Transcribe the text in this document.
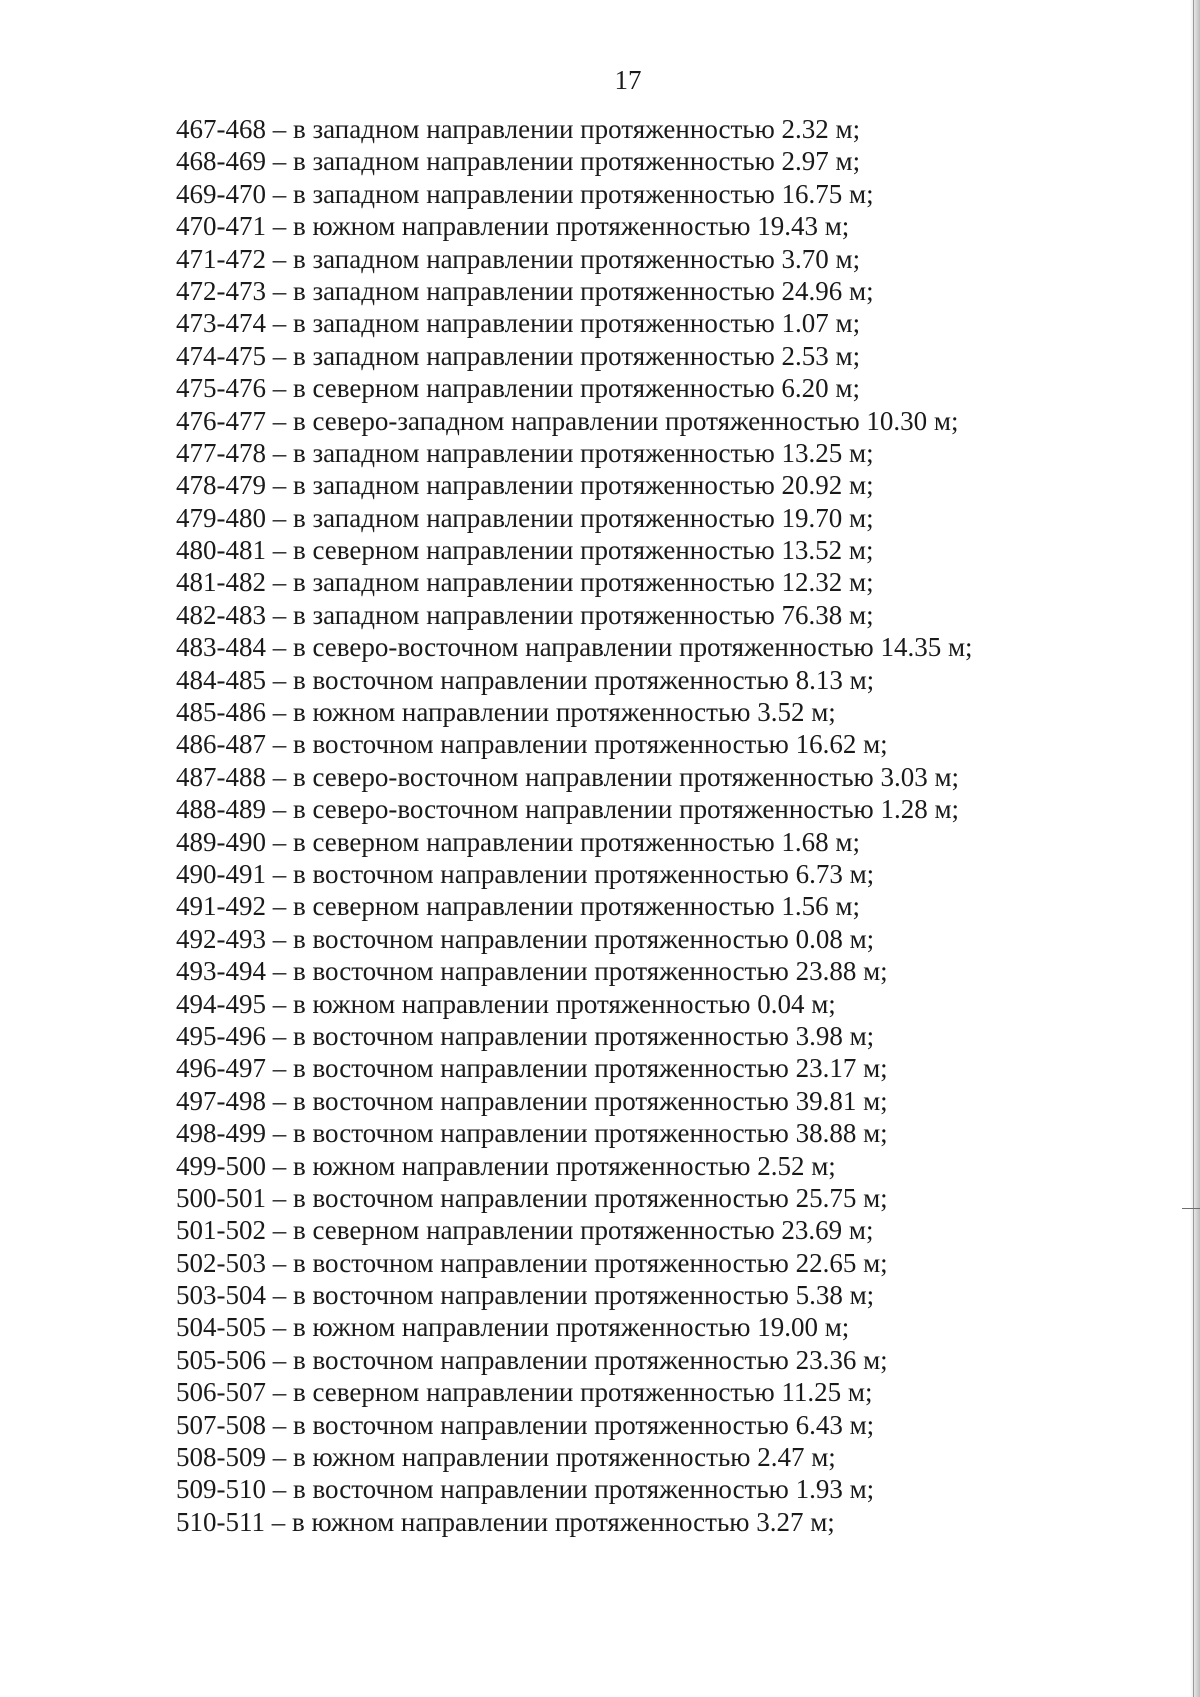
17
467-468 – в западном направлении протяженностью 2.32 м;
468-469 – в западном направлении протяженностью 2.97 м;
469-470 – в западном направлении протяженностью 16.75 м;
470-471 – в южном направлении протяженностью 19.43 м;
471-472 – в западном направлении протяженностью 3.70 м;
472-473 – в западном направлении протяженностью 24.96 м;
473-474 – в западном направлении протяженностью 1.07 м;
474-475 – в западном направлении протяженностью 2.53 м;
475-476 – в северном направлении протяженностью 6.20 м;
476-477 – в северо-западном направлении протяженностью 10.30 м;
477-478 – в западном направлении протяженностью 13.25 м;
478-479 – в западном направлении протяженностью 20.92 м;
479-480 – в западном направлении протяженностью 19.70 м;
480-481 – в северном направлении протяженностью 13.52 м;
481-482 – в западном направлении протяженностью 12.32 м;
482-483 – в западном направлении протяженностью 76.38 м;
483-484 – в северо-восточном направлении протяженностью 14.35 м;
484-485 – в восточном направлении протяженностью 8.13 м;
485-486 – в южном направлении протяженностью 3.52 м;
486-487 – в восточном направлении протяженностью 16.62 м;
487-488 – в северо-восточном направлении протяженностью 3.03 м;
488-489 – в северо-восточном направлении протяженностью 1.28 м;
489-490 – в северном направлении протяженностью 1.68 м;
490-491 – в восточном направлении протяженностью 6.73 м;
491-492 – в северном направлении протяженностью 1.56 м;
492-493 – в восточном направлении протяженностью 0.08 м;
493-494 – в восточном направлении протяженностью 23.88 м;
494-495 – в южном направлении протяженностью 0.04 м;
495-496 – в восточном направлении протяженностью 3.98 м;
496-497 – в восточном направлении протяженностью 23.17 м;
497-498 – в восточном направлении протяженностью 39.81 м;
498-499 – в восточном направлении протяженностью 38.88 м;
499-500 – в южном направлении протяженностью 2.52 м;
500-501 – в восточном направлении протяженностью 25.75 м;
501-502 – в северном направлении протяженностью 23.69 м;
502-503 – в восточном направлении протяженностью 22.65 м;
503-504 – в восточном направлении протяженностью 5.38 м;
504-505 – в южном направлении протяженностью 19.00 м;
505-506 – в восточном направлении протяженностью 23.36 м;
506-507 – в северном направлении протяженностью 11.25 м;
507-508 – в восточном направлении протяженностью 6.43 м;
508-509 – в южном направлении протяженностью 2.47 м;
509-510 – в восточном направлении протяженностью 1.93 м;
510-511 – в южном направлении протяженностью 3.27 м;
